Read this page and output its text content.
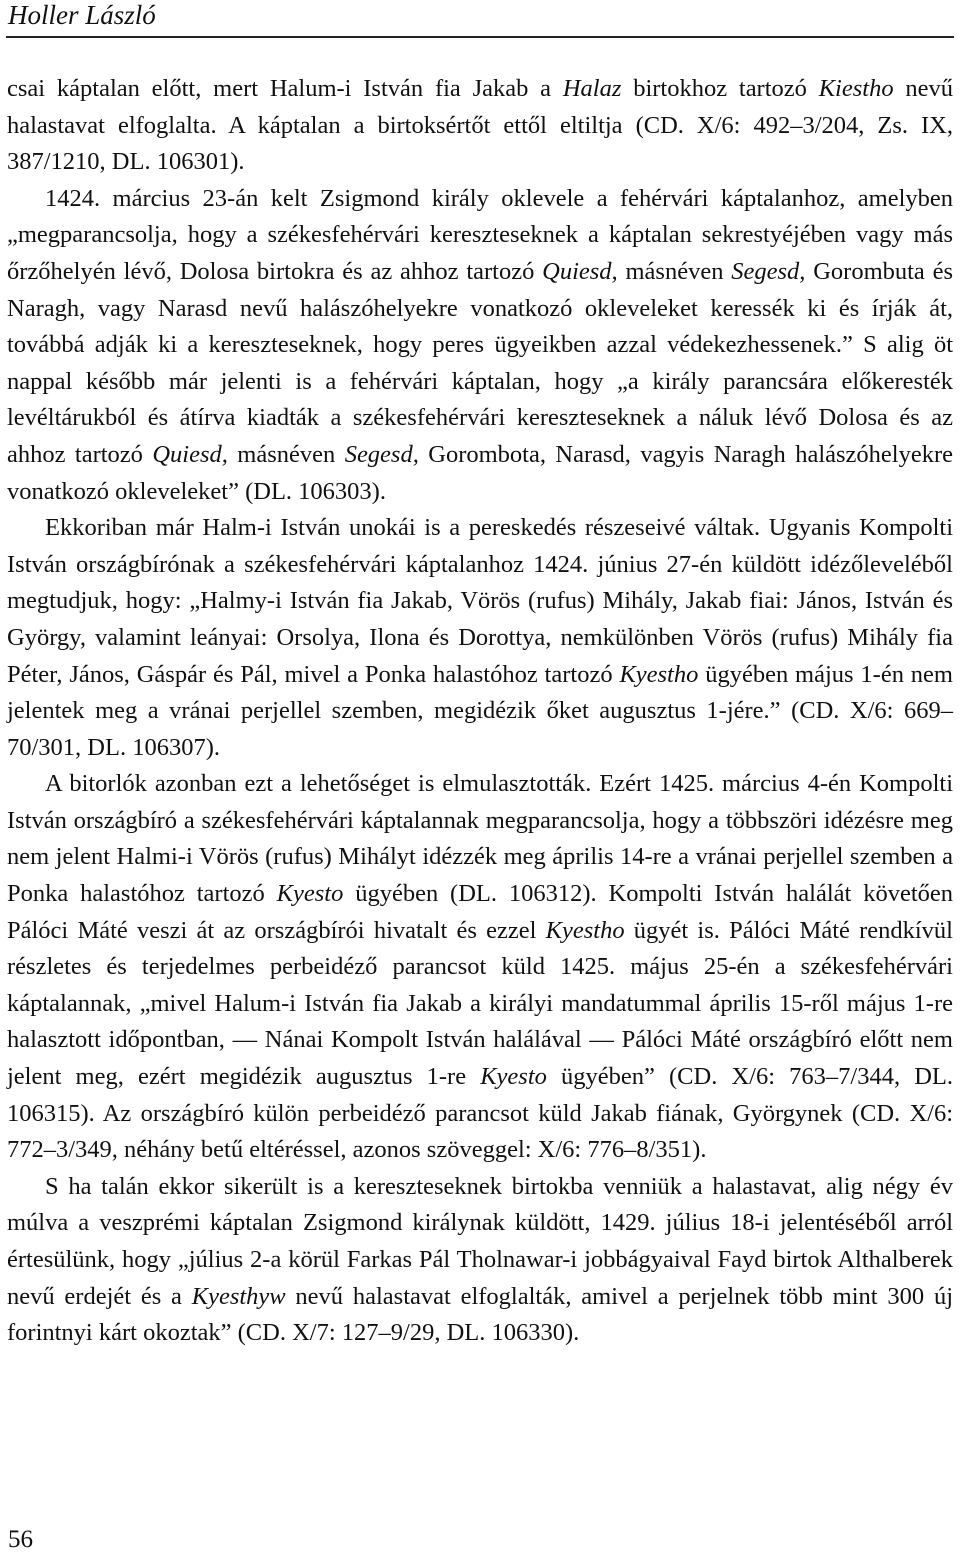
Holler László

csai káptalan előtt, mert Halum-i István fia Jakab a Halaz birtokhoz tartozó Kiestho nevű halastavat elfoglalta. A káptalan a birtoksértőt ettől eltiltja (CD. X/6: 492–3/204, Zs. IX, 387/1210, DL. 106301).

1424. március 23-án kelt Zsigmond király oklevele a fehérvári káptalanhoz, amelyben „megparancsolja, hogy a székesfehérvári kereszteseknek a káptalan sekrestyéjében vagy más őrzőhelyén lévő, Dolosa birtokra és az ahhoz tartozó Quiesd, másnéven Segesd, Gorombuta és Naragh, vagy Narasd nevű halászóhelyekre vonatkozó okleveleket keressék ki és írják át, továbbá adják ki a kereszteseknek, hogy peres ügyeikben azzal védekezhessenek.” S alig öt nappal később már jelenti is a fehérvári káptalan, hogy „a király parancsára előkeresték levéltárukból és átírva kiadták a székesfehérvári kereszteseknek a náluk lévő Dolosa és az ahhoz tartozó Quiesd, másnéven Segesd, Gorombota, Narasd, vagyis Naragh halászóhelyekre vonatkozó okleveleket” (DL. 106303).

Ekkoriban már Halm-i István unokái is a pereskedés részeseivé váltak. Ugyanis Kompolti István országbírónak a székesfehérvári káptalanhoz 1424. június 27-én küldött idézőleveléből megtudjuk, hogy: „Halmy-i István fia Jakab, Vörös (rufus) Mihály, Jakab fiai: János, István és György, valamint leányai: Orsolya, Ilona és Dorottya, nemkülönben Vörös (rufus) Mihály fia Péter, János, Gáspár és Pál, mivel a Ponka halastóhoz tartozó Kyestho ügyében május 1-én nem jelentek meg a vránai perjellel szemben, megidézik őket augusztus 1-jére.” (CD. X/6: 669–70/301, DL. 106307).

A bitorlók azonban ezt a lehetőséget is elmulasztották. Ezért 1425. március 4-én Kompolti István országbíró a székesfehérvári káptalannak megparancsolja, hogy a többszöri idézésre meg nem jelent Halmi-i Vörös (rufus) Mihályt idézzék meg április 14-re a vránai perjellel szemben a Ponka halastóhoz tartozó Kyesto ügyében (DL. 106312). Kompolti István halálát követően Pálóci Máté veszi át az országbírói hivatalt és ezzel Kyestho ügyét is. Pálóci Máté rendkívül részletes és terjedelmes perbeidéző parancsot küld 1425. május 25-én a székesfehérvári káptalannak, „mivel Halum-i István fia Jakab a királyi mandatummal április 15-ről május 1-re halasztott időpontban, — Nánai Kompolt István halálával — Pálóci Máté országbíró előtt nem jelent meg, ezért megidézik augusztus 1-re Kyesto ügyében” (CD. X/6: 763–7/344, DL. 106315). Az országbíró külön perbeidéző parancsot küld Jakab fiának, Györgynek (CD. X/6: 772–3/349, néhány betű eltéréssel, azonos szöveggel: X/6: 776–8/351).

S ha talán ekkor sikerült is a kereszteseknek birtokba venniük a halastavat, alig négy év múlva a veszprémi káptalan Zsigmond királynak küldött, 1429. július 18-i jelentéséből arról értesülünk, hogy „július 2-a körül Farkas Pál Tholnawar-i jobbágyaival Fayd birtok Althalberek nevű erdejét és a Kyesthyw nevű halastavat elfoglalták, amivel a perjelnek több mint 300 új forintnyi kárt okoztak” (CD. X/7: 127–9/29, DL. 106330).

56
